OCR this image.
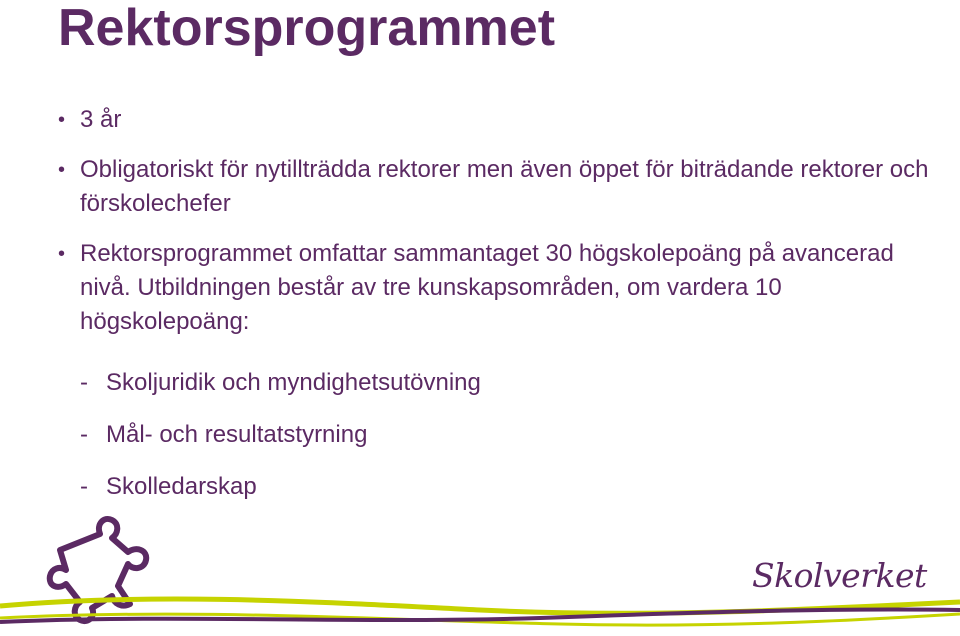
Rektorsprogrammet
• 3 år
• Obligatoriskt för nytillträdda rektorer men även öppet för biträdande rektorer och förskolechefer
• Rektorsprogrammet omfattar sammantaget 30 högskolepoäng på avancerad nivå. Utbildningen består av tre kunskapsområden, om vardera 10 högskolepoäng:
- Skoljuridik och myndighetsutövning
- Mål- och resultatstyrning
- Skolledarskap
Skolverket
